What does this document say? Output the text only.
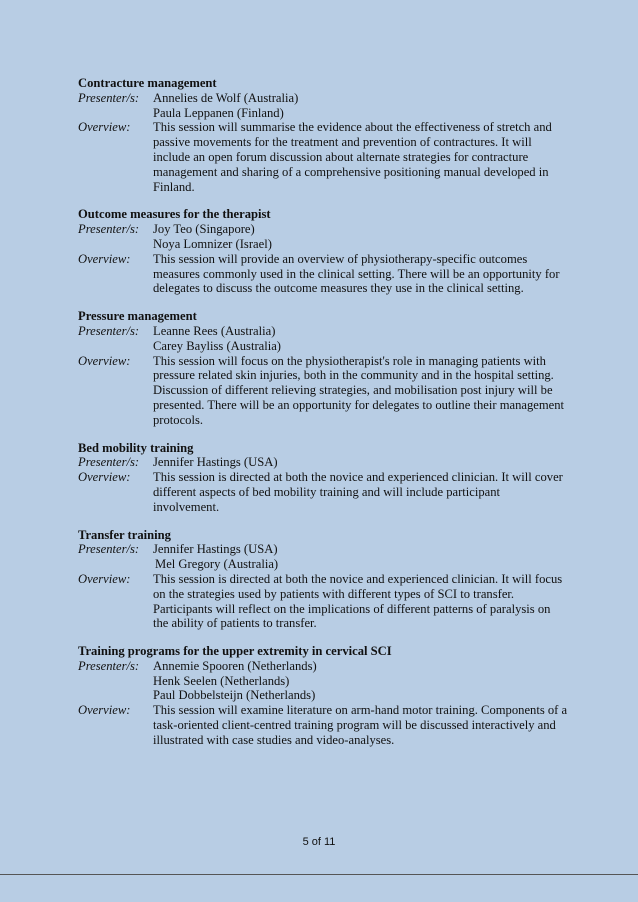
Contracture management
Presenter/s:	Annelies de Wolf (Australia)
Paula Leppanen (Finland)
Overview:	This session will summarise the evidence about the effectiveness of stretch and passive movements for the treatment and prevention of contractures. It will include an open forum discussion about alternate strategies for contracture management and sharing of a comprehensive positioning manual developed in Finland.
Outcome measures for the therapist
Presenter/s:	Joy Teo (Singapore)
Noya Lomnizer (Israel)
Overview:	This session will provide an overview of physiotherapy-specific outcomes measures commonly used in the clinical setting. There will be an opportunity for delegates to discuss the outcome measures they use in the clinical setting.
Pressure management
Presenter/s:	Leanne Rees (Australia)
Carey Bayliss (Australia)
Overview:	This session will focus on the physiotherapist's role in managing patients with pressure related skin injuries, both in the community and in the hospital setting. Discussion of different relieving strategies, and mobilisation post injury will be presented. There will be an opportunity for delegates to outline their management protocols.
Bed mobility training
Presenter/s:	Jennifer Hastings (USA)
Overview:	This session is directed at both the novice and experienced clinician. It will cover different aspects of bed mobility training and will include participant involvement.
Transfer training
Presenter/s:	Jennifer Hastings (USA)
Mel Gregory (Australia)
Overview:	This session is directed at both the novice and experienced clinician. It will focus on the strategies used by patients with different types of SCI to transfer. Participants will reflect on the implications of different patterns of paralysis on the ability of patients to transfer.
Training programs for the upper extremity in cervical SCI
Presenter/s:	Annemie Spooren (Netherlands)
Henk Seelen (Netherlands)
Paul Dobbelsteijn (Netherlands)
Overview:	This session will examine literature on arm-hand motor training. Components of a task-oriented client-centred training program will be discussed interactively and illustrated with case studies and video-analyses.
5 of 11
